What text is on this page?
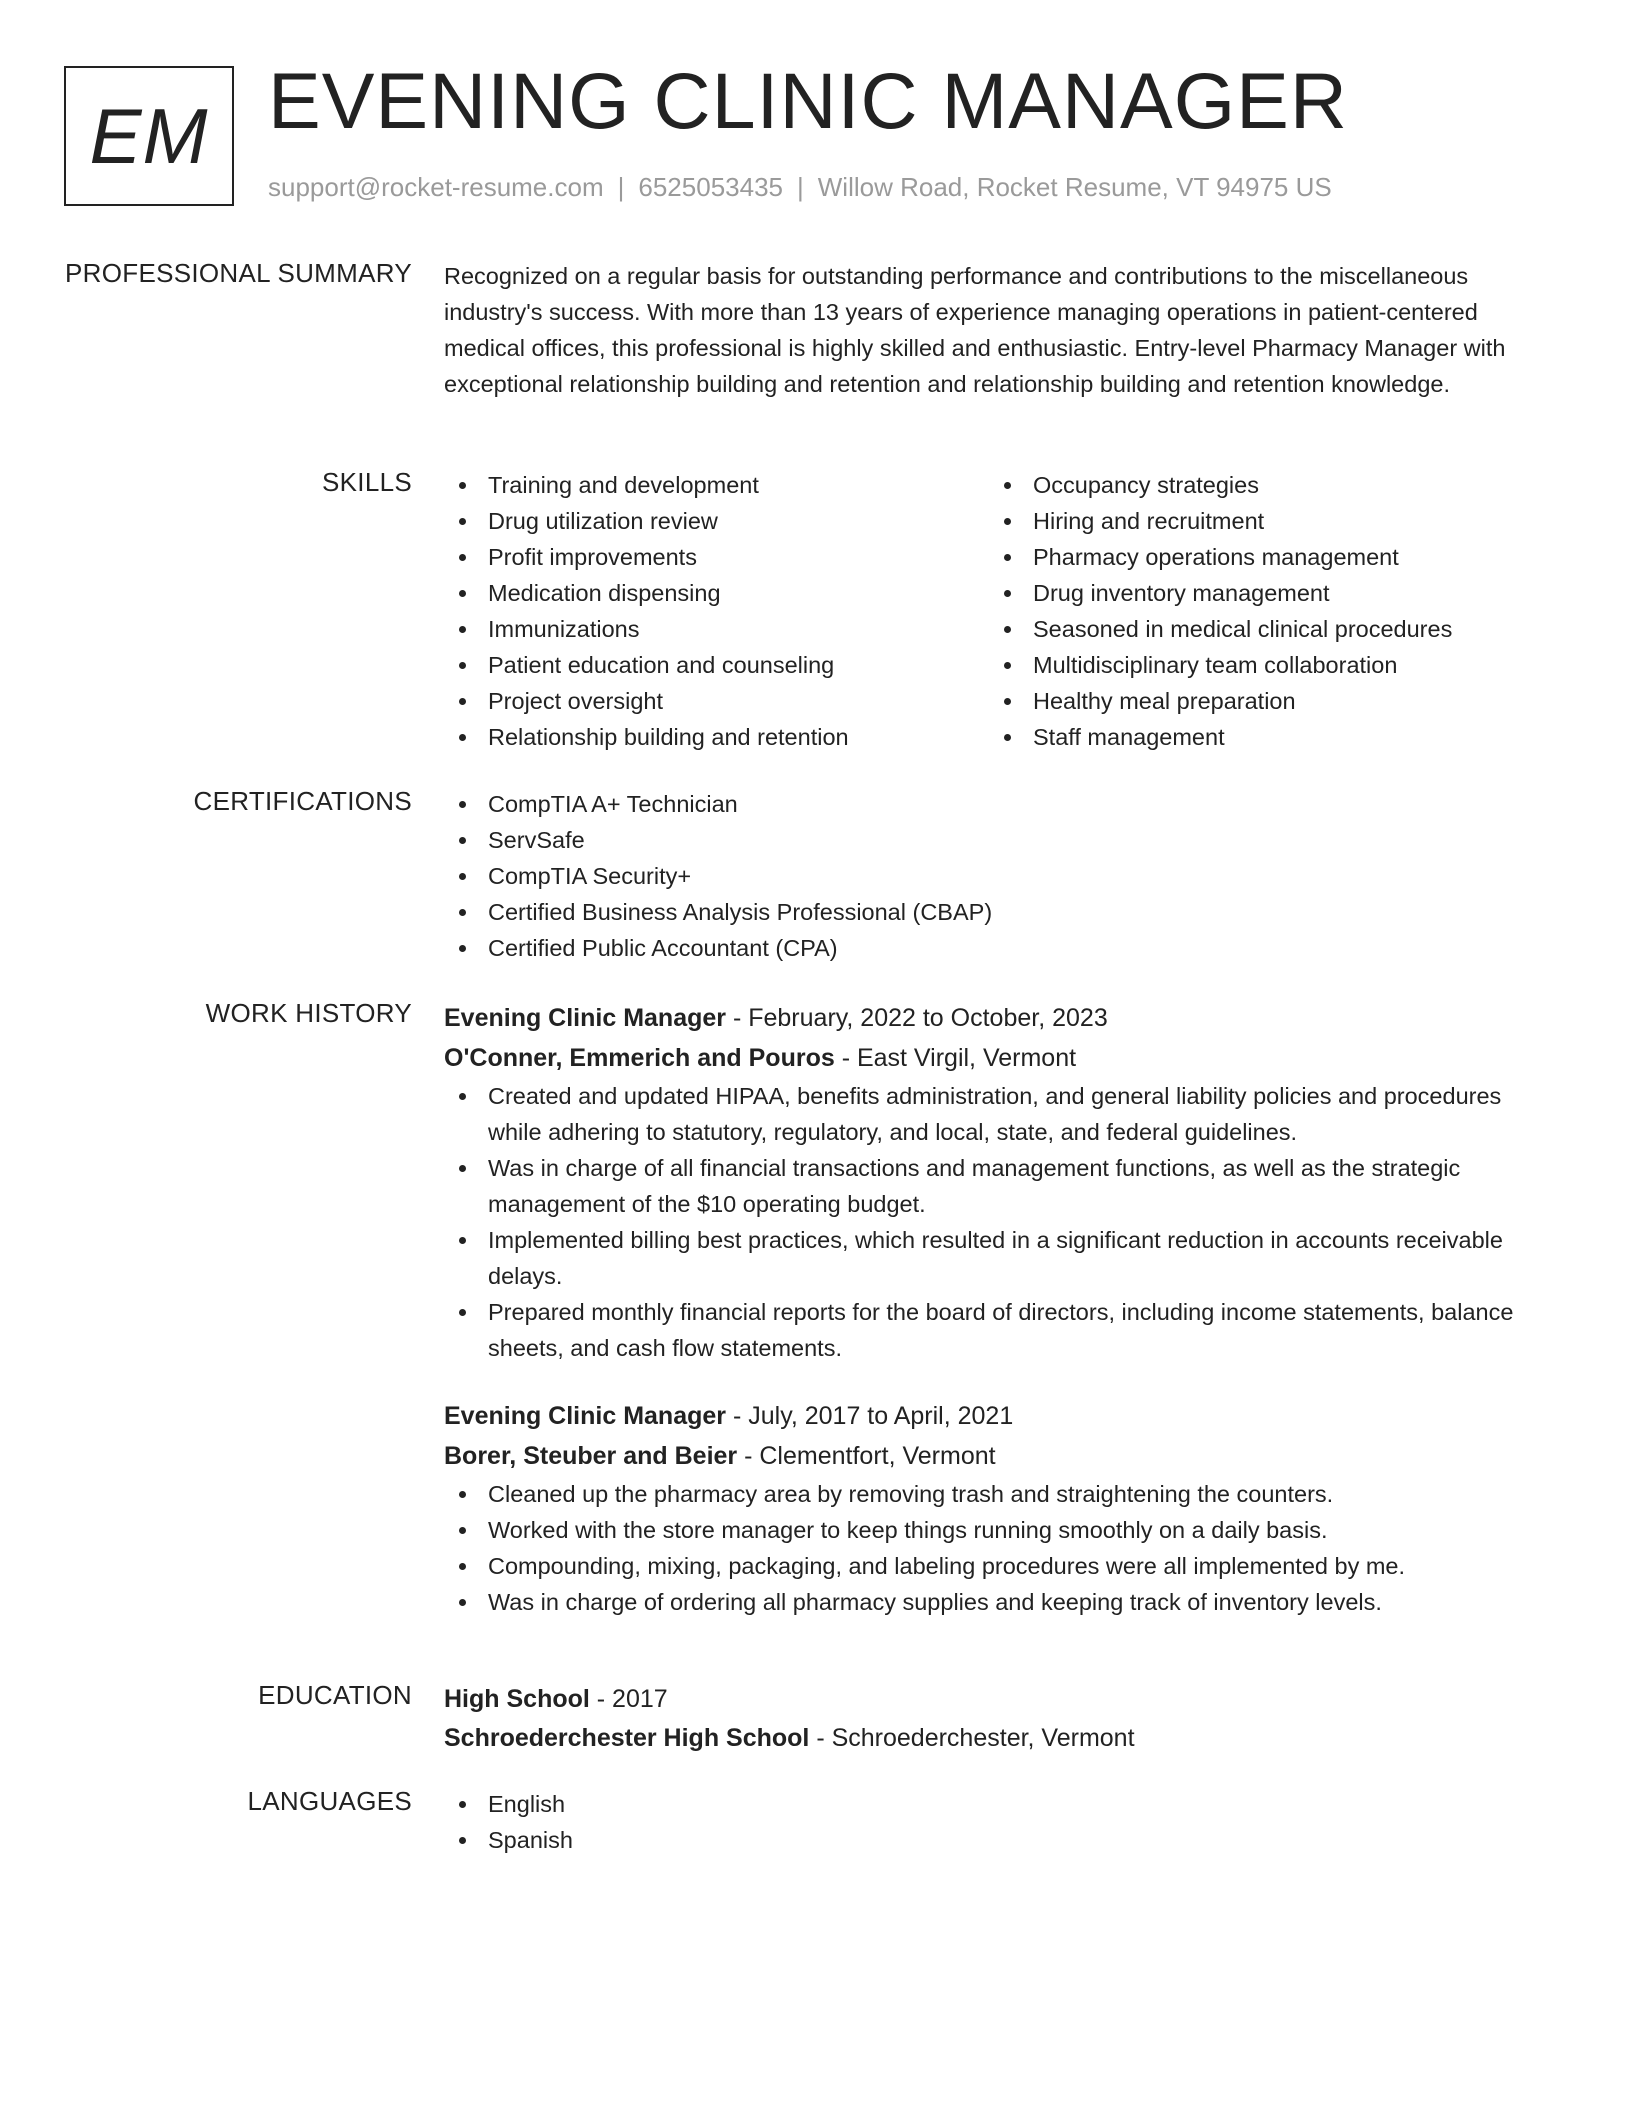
EM EVENING CLINIC MANAGER
support@rocket-resume.com | 6525053435 | Willow Road, Rocket Resume, VT 94975 US
PROFESSIONAL SUMMARY Recognized on a regular basis for outstanding performance and contributions to the miscellaneous industry's success. With more than 13 years of experience managing operations in patient-centered medical offices, this professional is highly skilled and enthusiastic. Entry-level Pharmacy Manager with exceptional relationship building and retention and relationship building and retention knowledge.

SKILLS	Training and development
Drug utilization review
Profit improvements
Medication dispensing
Immunizations
Patient education and counseling
Project oversight
Relationship building and retention
Occupancy strategies
Hiring and recruitment
Pharmacy operations management
Drug inventory management
Seasoned in medical clinical procedures
Multidisciplinary team collaboration
Healthy meal preparation
Staff management
CERTIFICATIONS	CompTIA A+ Technician
ServSafe
CompTIA Security+
Certified Business Analysis Professional (CBAP)
Certified Public Accountant (CPA)
WORK HISTORY Evening Clinic Manager - February, 2022 to October, 2023
O'Conner, Emmerich and Pouros - East Virgil, Vermont
Created and updated HIPAA, benefits administration, and general liability policies and procedures while adhering to statutory, regulatory, and local, state, and federal guidelines.
Was in charge of all financial transactions and management functions, as well as the strategic management of the $10 operating budget.
Implemented billing best practices, which resulted in a significant reduction in accounts receivable delays.
Prepared monthly financial reports for the board of directors, including income statements, balance sheets, and cash flow statements.
Evening Clinic Manager - July, 2017 to April, 2021
Borer, Steuber and Beier - Clementfort, Vermont
Cleaned up the pharmacy area by removing trash and straightening the counters.
Worked with the store manager to keep things running smoothly on a daily basis.
Compounding, mixing, packaging, and labeling procedures were all implemented by me.
Was in charge of ordering all pharmacy supplies and keeping track of inventory levels.
EDUCATION High School - 2017
Schroederchester High School - Schroederchester, Vermont
LANGUAGES	English
Spanish
